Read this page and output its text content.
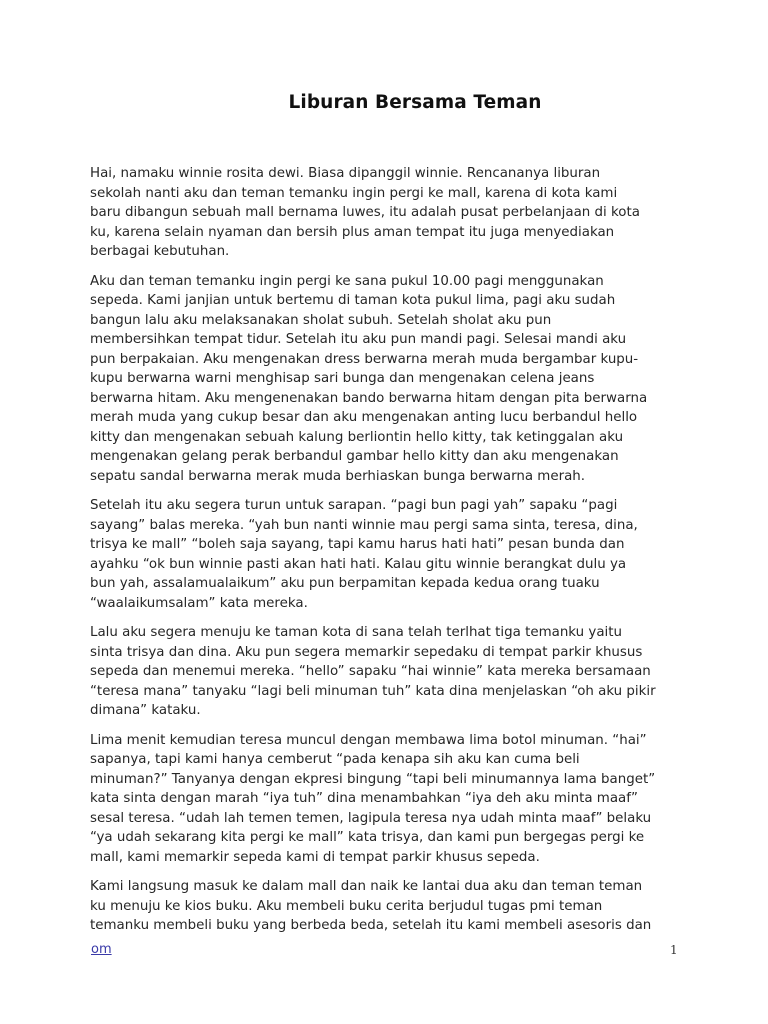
Liburan Bersama Teman

Hai, namaku winnie rosita dewi. Biasa dipanggil winnie. Rencananya liburan
sekolah nanti aku dan teman temanku ingin pergi ke mall, karena di kota kami
baru dibangun sebuah mall bernama luwes, itu adalah pusat perbelanjaan di kota
ku, karena selain nyaman dan bersih plus aman tempat itu juga menyediakan
berbagai kebutuhan.

Aku dan teman temanku ingin pergi ke sana pukul 10.00 pagi menggunakan
sepeda. Kami janjian untuk bertemu di taman kota pukul lima, pagi aku sudah
bangun lalu aku melaksanakan sholat subuh. Setelah sholat aku pun
membersihkan tempat tidur. Setelah itu aku pun mandi pagi. Selesai mandi aku
pun berpakaian. Aku mengenakan dress berwarna merah muda bergambar kupu-
kupu berwarna warni menghisap sari bunga dan mengenakan celena jeans
berwarna hitam. Aku mengenenakan bando berwarna hitam dengan pita berwarna
merah muda yang cukup besar dan aku mengenakan anting lucu berbandul hello
kitty dan mengenakan sebuah kalung berliontin hello kitty, tak ketinggalan aku
mengenakan gelang perak berbandul gambar hello kitty dan aku mengenakan
sepatu sandal berwarna merak muda berhiaskan bunga berwarna merah.

Setelah itu aku segera turun untuk sarapan. “pagi bun pagi yah” sapaku “pagi
sayang” balas mereka. “yah bun nanti winnie mau pergi sama sinta, teresa, dina,
trisya ke mall” “boleh saja sayang, tapi kamu harus hati hati” pesan bunda dan
ayahku “ok bun winnie pasti akan hati hati. Kalau gitu winnie berangkat dulu ya
bun yah, assalamualaikum” aku pun berpamitan kepada kedua orang tuaku
“waalaikumsalam” kata mereka.

Lalu aku segera menuju ke taman kota di sana telah terlhat tiga temanku yaitu
sinta trisya dan dina. Aku pun segera memarkir sepedaku di tempat parkir khusus
sepeda dan menemui mereka. “hello” sapaku “hai winnie” kata mereka bersamaan
“teresa mana” tanyaku “lagi beli minuman tuh” kata dina menjelaskan “oh aku pikir
dimana” kataku.

Lima menit kemudian teresa muncul dengan membawa lima botol minuman. “hai”
sapanya, tapi kami hanya cemberut “pada kenapa sih aku kan cuma beli
minuman?” Tanyanya dengan ekpresi bingung “tapi beli minumannya lama banget”
kata sinta dengan marah “iya tuh” dina menambahkan “iya deh aku minta maaf”
sesal teresa. “udah lah temen temen, lagipula teresa nya udah minta maaf” belaku
“ya udah sekarang kita pergi ke mall” kata trisya, dan kami pun bergegas pergi ke
mall, kami memarkir sepeda kami di tempat parkir khusus sepeda.

Kami langsung masuk ke dalam mall dan naik ke lantai dua aku dan teman teman
ku menuju ke kios buku. Aku membeli buku cerita berjudul tugas pmi teman
temanku membeli buku yang berbeda beda, setelah itu kami membeli asesoris dan

om	1
